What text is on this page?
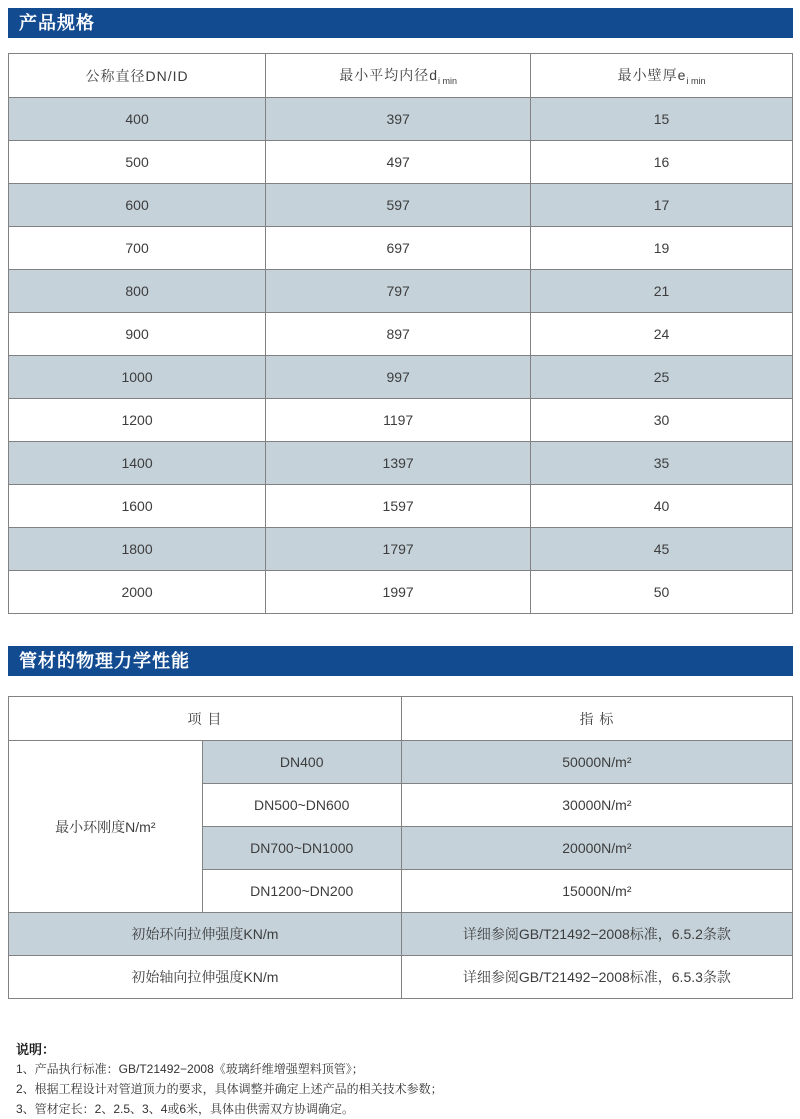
产品规格
公称直径DN/ID	最小平均内径$d_{i min}$	最小壁厚$e_{i min}$
400	397	15
500	497	16
600	597	17
700	697	19
800	797	21
900	897	24
1000	997	25
1200	1197	30
1400	1397	35
1600	1597	40
1800	1797	45
2000	1997	50
管材的物理力学性能
项 目		指 标
最小环刚度N/m²	DN400	50000N/m²
	DN500~DN600	30000N/m²
	DN700~DN1000	20000N/m²
	DN1200~DN200	15000N/m²
初始环向拉伸强度KN/m		详细参阅GB/T21492−2008标准，6.5.2条款
初始轴向拉伸强度KN/m		详细参阅GB/T21492−2008标准，6.5.3条款
说明：
1、产品执行标准：GB/T21492−2008《玻璃纤维增强塑料顶管》；
2、根据工程设计对管道顶力的要求，具体调整并确定上述产品的相关技术参数；
3、管材定长：2、2.5、3、4或6米，具体由供需双方协调确定。
